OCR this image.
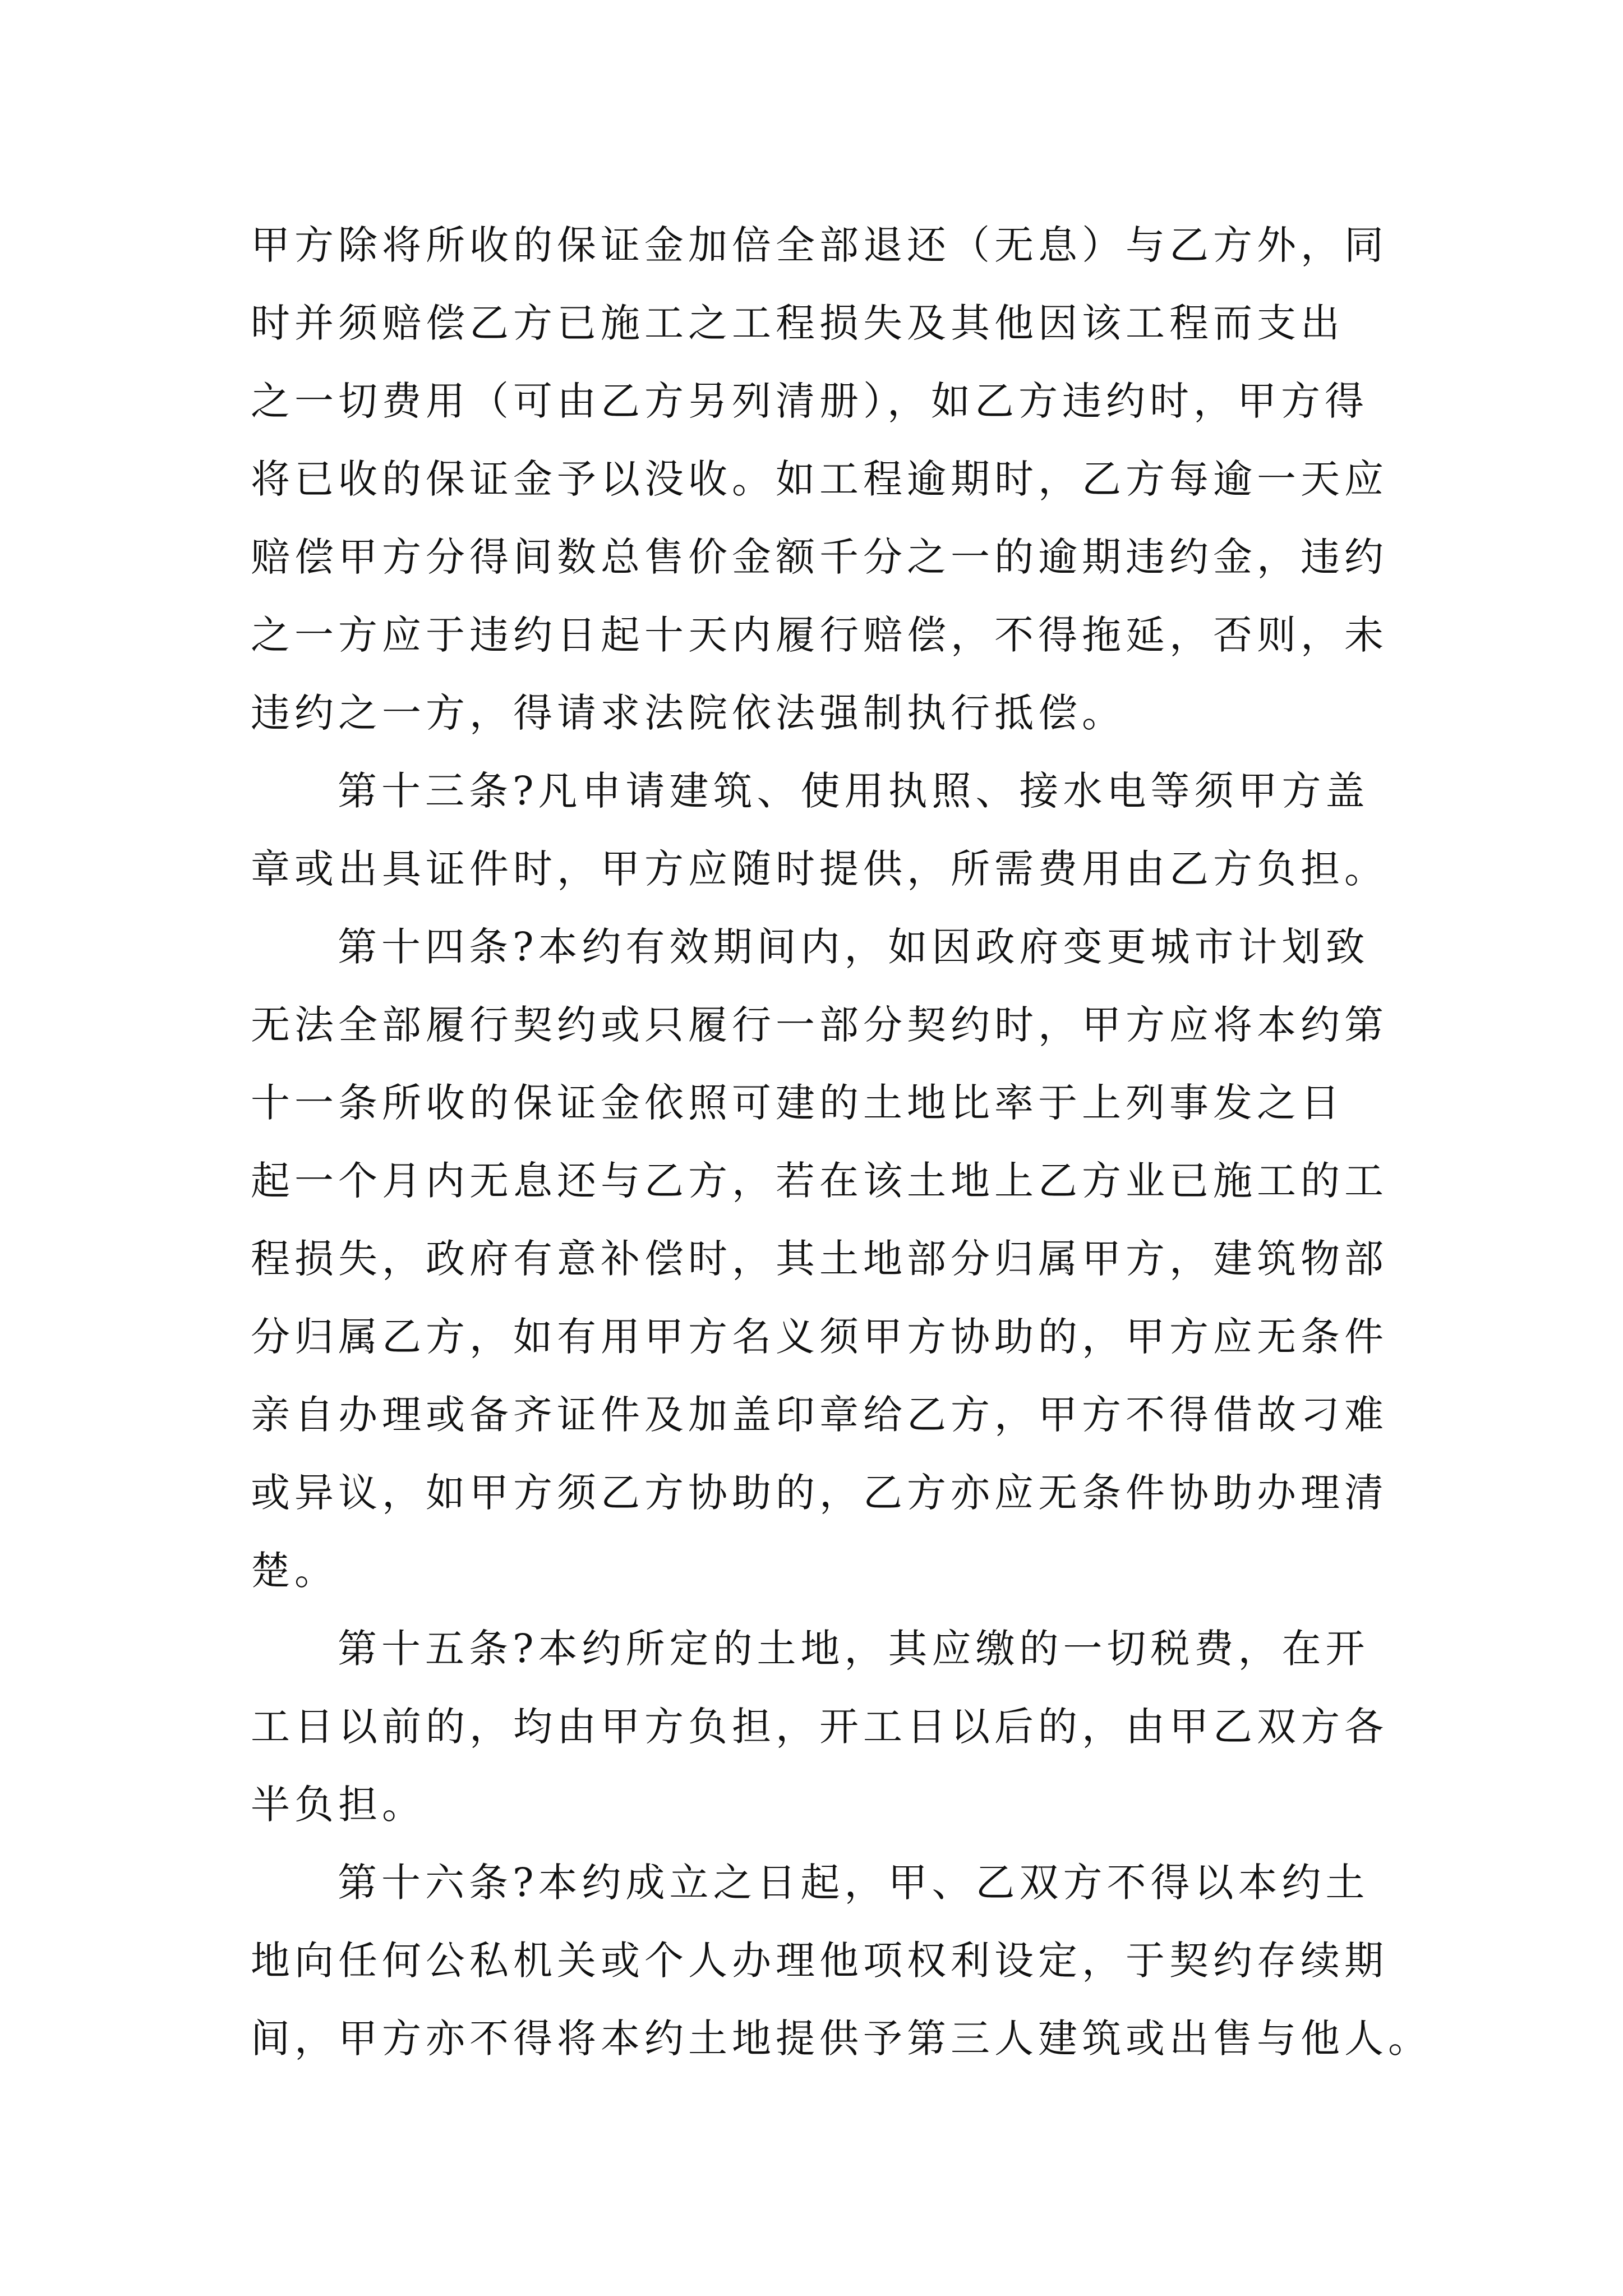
甲方除将所收的保证金加倍全部退还（无息）与乙方外，同
时并须赔偿乙方已施工之工程损失及其他因该工程而支出
之一切费用（可由乙方另列清册），如乙方违约时，甲方得
将已收的保证金予以没收。如工程逾期时，乙方每逾一天应
赔偿甲方分得间数总售价金额千分之一的逾期违约金，违约
之一方应于违约日起十天内履行赔偿，不得拖延，否则，未
违约之一方，得请求法院依法强制执行抵偿。
第十三条?凡申请建筑、使用执照、接水电等须甲方盖
章或出具证件时，甲方应随时提供，所需费用由乙方负担。
第十四条?本约有效期间内，如因政府变更城市计划致
无法全部履行契约或只履行一部分契约时，甲方应将本约第
十一条所收的保证金依照可建的土地比率于上列事发之日
起一个月内无息还与乙方，若在该土地上乙方业已施工的工
程损失，政府有意补偿时，其土地部分归属甲方，建筑物部
分归属乙方，如有用甲方名义须甲方协助的，甲方应无条件
亲自办理或备齐证件及加盖印章给乙方，甲方不得借故刁难
或异议，如甲方须乙方协助的，乙方亦应无条件协助办理清
楚。
第十五条?本约所定的土地，其应缴的一切税费，在开
工日以前的，均由甲方负担，开工日以后的，由甲乙双方各
半负担。
第十六条?本约成立之日起，甲、乙双方不得以本约土
地向任何公私机关或个人办理他项权利设定，于契约存续期
间，甲方亦不得将本约土地提供予第三人建筑或出售与他人。
